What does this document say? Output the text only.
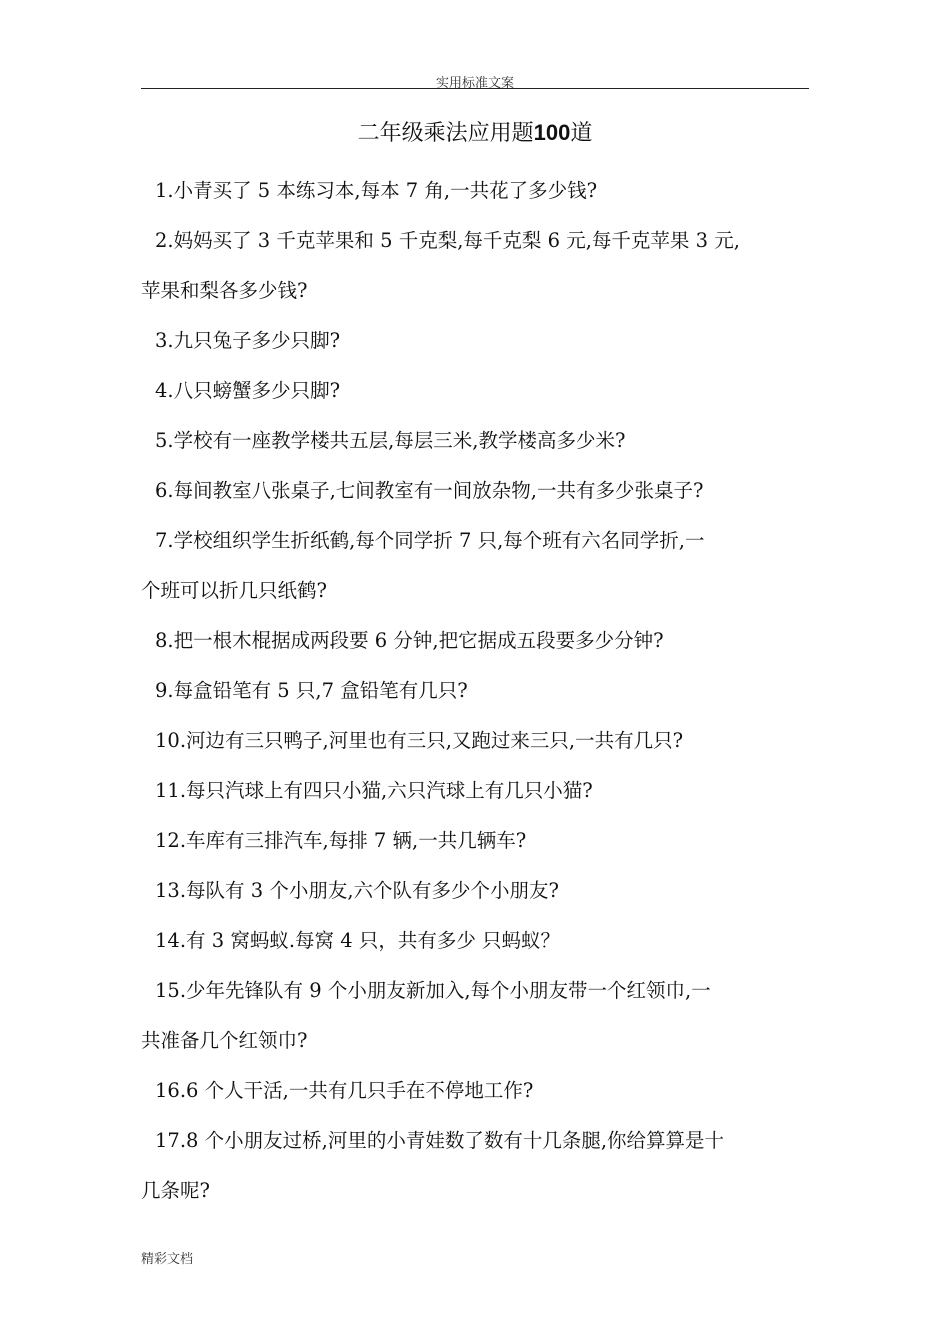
实用标准文案
二年级乘法应用题100道
1.小青买了 5 本练习本,每本 7 角,一共花了多少钱?
2.妈妈买了 3 千克苹果和 5 千克梨,每千克梨 6 元,每千克苹果 3 元,
苹果和梨各多少钱?
3.九只兔子多少只脚?
4.八只螃蟹多少只脚?
5.学校有一座教学楼共五层,每层三米,教学楼高多少米?
6.每间教室八张桌子,七间教室有一间放杂物,一共有多少张桌子?
7.学校组织学生折纸鹤,每个同学折 7 只,每个班有六名同学折,一
个班可以折几只纸鹤?
8.把一根木棍据成两段要 6 分钟,把它据成五段要多少分钟?
9.每盒铅笔有 5 只,7 盒铅笔有几只?
10.河边有三只鸭子,河里也有三只,又跑过来三只,一共有几只?
11.每只汽球上有四只小猫,六只汽球上有几只小猫?
12.车库有三排汽车,每排 7 辆,一共几辆车?
13.每队有 3 个小朋友,六个队有多少个小朋友?
14.有 3 窝蚂蚁.每窝 4 只，共有多少 只蚂蚁？
15.少年先锋队有 9 个小朋友新加入,每个小朋友带一个红领巾,一
共准备几个红领巾?
16.6 个人干活,一共有几只手在不停地工作?
17.8 个小朋友过桥,河里的小青娃数了数有十几条腿,你给算算是十
几条呢?
精彩文档
